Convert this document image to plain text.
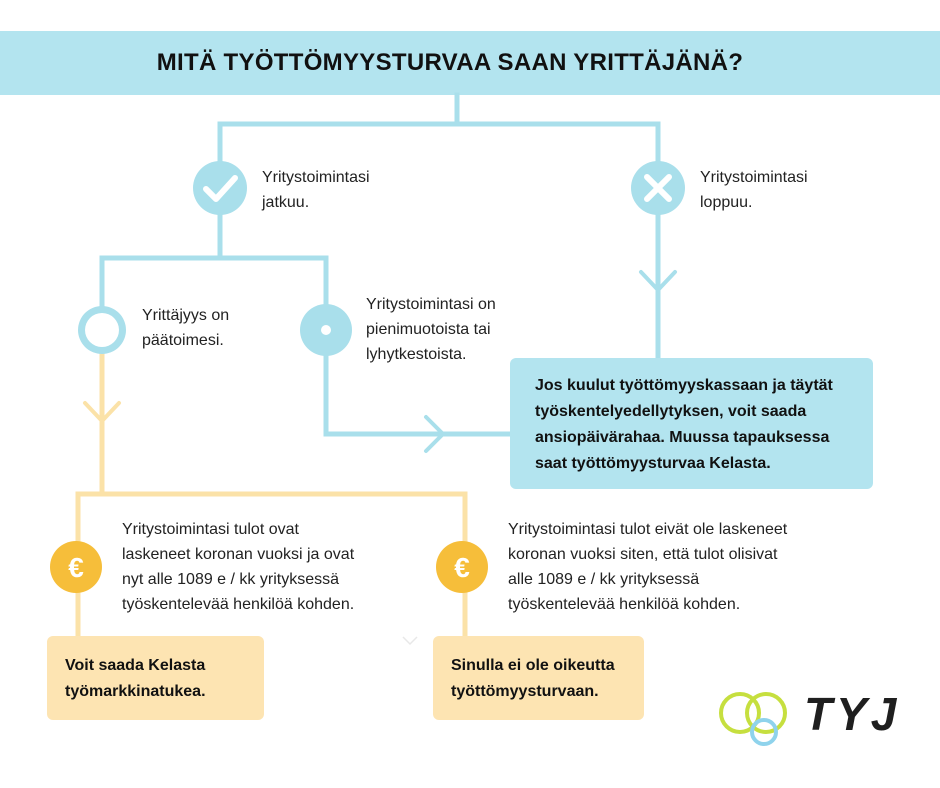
MITÄ TYÖTTÖMYYSTURVAA SAAN YRITTÄJÄNÄ?
€	€
TYJ
Yritystoimintasi
jatkuu.
Yritystoimintasi
loppuu.
Yrittäjyys on
päätoimesi.
Yritystoimintasi on
pienimuotoista tai
lyhytkestoista.
Jos kuulut työttömyyskassaan ja täytät
työskentelyedellytyksen, voit saada
ansiopäivärahaa. Muussa tapauksessa
saat työttömyysturvaa Kelasta.
Yritystoimintasi tulot ovat
laskeneet koronan vuoksi ja ovat
nyt alle 1089 e / kk yrityksessä
työskentelevää henkilöä kohden.
Yritystoimintasi tulot eivät ole laskeneet
koronan vuoksi siten, että tulot olisivat
alle 1089 e / kk yrityksessä
työskentelevää henkilöä kohden.
Voit saada Kelasta
työmarkkinatukea.
Sinulla ei ole oikeutta
työttömyysturvaan.
